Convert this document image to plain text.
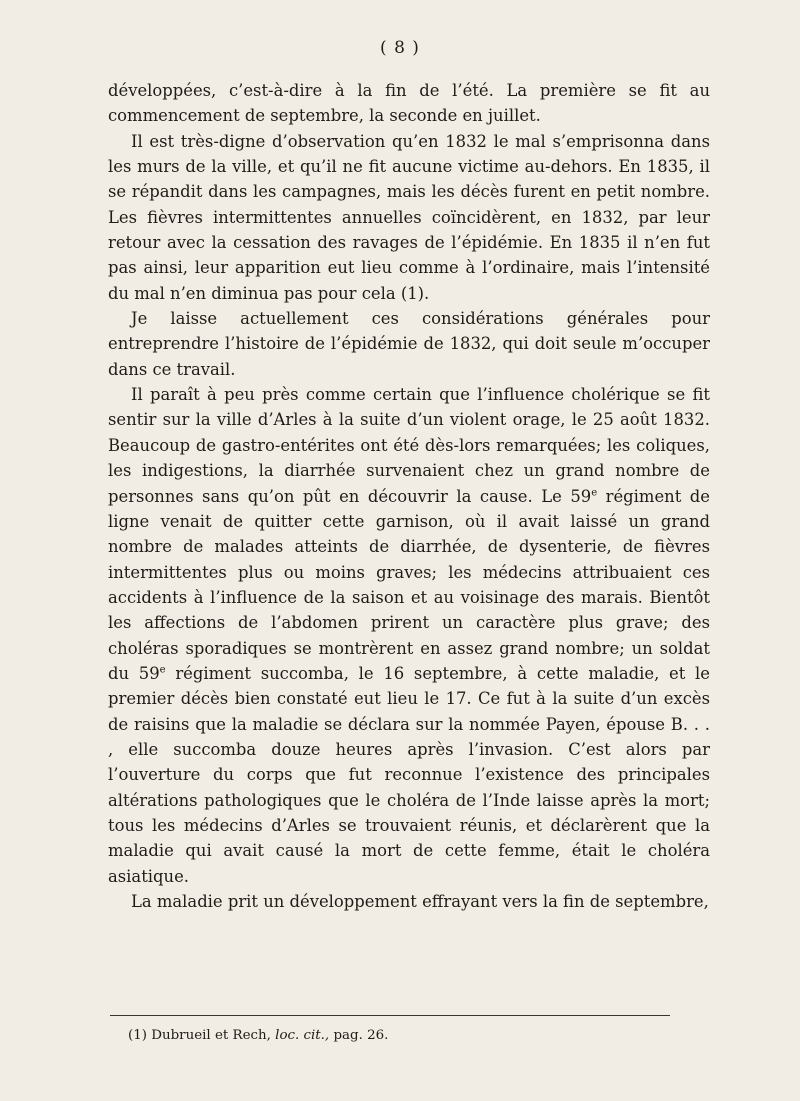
( 8 )

développées, c’est-à-dire à la fin de l’été. La première se fit au commencement de septembre, la seconde en juillet.

Il est très-digne d’observation qu’en 1832 le mal s’emprisonna dans les murs de la ville, et qu’il ne fit aucune victime au-dehors. En 1835, il se répandit dans les campagnes, mais les décès furent en petit nombre. Les fièvres intermittentes annuelles coïncidèrent, en 1832, par leur retour avec la cessation des ravages de l’épidémie. En 1835 il n’en fut pas ainsi, leur apparition eut lieu comme à l’ordinaire, mais l’intensité du mal n’en diminua pas pour cela (1).

Je laisse actuellement ces considérations générales pour entreprendre l’histoire de l’épidémie de 1832, qui doit seule m’occuper dans ce travail.

Il paraît à peu près comme certain que l’influence cholérique se fit sentir sur la ville d’Arles à la suite d’un violent orage, le 25 août 1832. Beaucoup de gastro-entérites ont été dès-lors remarquées; les coliques, les indigestions, la diarrhée survenaient chez un grand nombre de personnes sans qu’on pût en découvrir la cause. Le 59e régiment de ligne venait de quitter cette garnison, où il avait laissé un grand nombre de malades atteints de diarrhée, de dysenterie, de fièvres intermittentes plus ou moins graves; les médecins attribuaient ces accidents à l’influence de la saison et au voisinage des marais. Bientôt les affections de l’abdomen prirent un caractère plus grave; des choléras sporadiques se montrèrent en assez grand nombre; un soldat du 59e régiment succomba, le 16 septembre, à cette maladie, et le premier décès bien constaté eut lieu le 17. Ce fut à la suite d’un excès de raisins que la maladie se déclara sur la nommée Payen, épouse B. . . , elle succomba douze heures après l’invasion. C’est alors par l’ouverture du corps que fut reconnue l’existence des principales altérations pathologiques que le choléra de l’Inde laisse après la mort; tous les médecins d’Arles se trouvaient réunis, et déclarèrent que la maladie qui avait causé la mort de cette femme, était le choléra asiatique.

La maladie prit un développement effrayant vers la fin de septembre,

(1) Dubrueil et Rech, loc. cit., pag. 26.
